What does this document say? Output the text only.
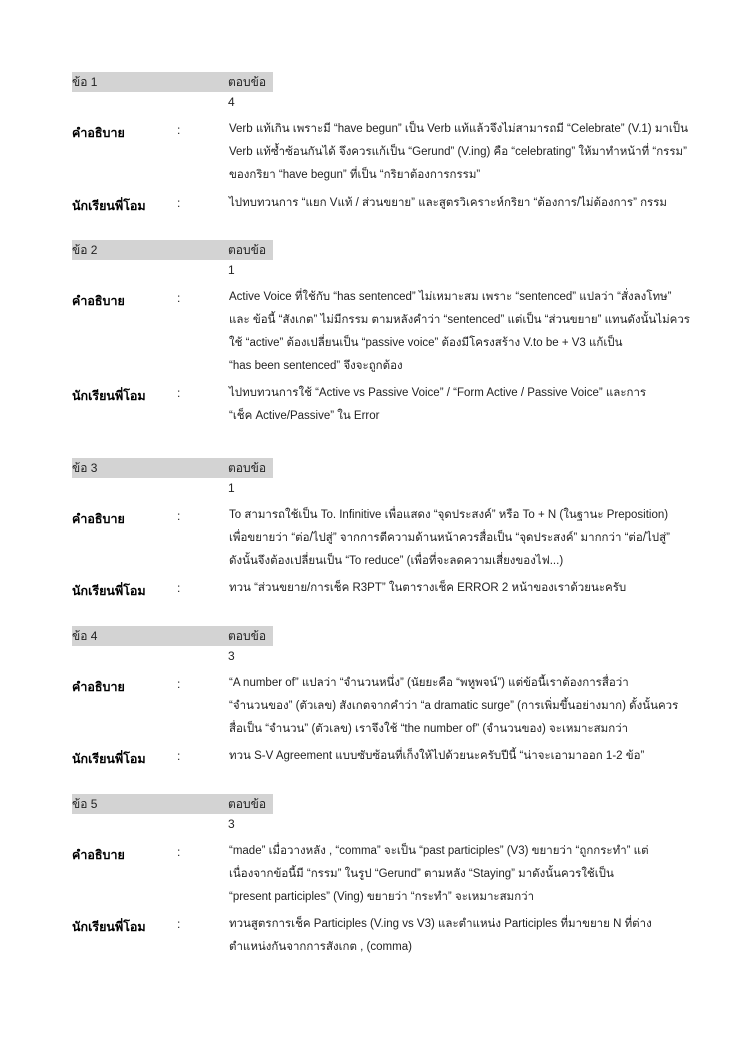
ข้อ 1	ตอบข้อ 4
คำอธิบาย	:	Verb แท้เกิน เพราะมี “have begun” เป็น Verb แท้แล้วจึงไม่สามารถมี “Celebrate” (V.1) มาเป็น
Verb แท้ซ้ำซ้อนกันได้ จึงควรแก้เป็น “Gerund” (V.ing) คือ “celebrating” ให้มาทำหน้าที่ “กรรม”
ของกริยา “have begun” ที่เป็น “กริยาต้องการกรรม”
นักเรียนพี่โอม	:	ไปทบทวนการ “แยก Vแท้ / ส่วนขยาย” และสูตรวิเคราะห์กริยา “ต้องการ/ไม่ต้องการ” กรรม
ข้อ 2	ตอบข้อ 1
คำอธิบาย	:	Active Voice ที่ใช้กับ “has sentenced” ไม่เหมาะสม เพราะ “sentenced” แปลว่า “สั่งลงโทษ”
และ ข้อนี้ “สังเกต” ไม่มีกรรม ตามหลังคำว่า “sentenced” แต่เป็น “ส่วนขยาย” แทนดังนั้นไม่ควร
ใช้ “active” ต้องเปลี่ยนเป็น “passive voice” ต้องมีโครงสร้าง V.to be + V3 แก้เป็น
“has been sentenced” จึงจะถูกต้อง
นักเรียนพี่โอม	:	ไปทบทวนการใช้ “Active vs Passive Voice” / “Form Active / Passive Voice” และการ
“เช็ค Active/Passive” ใน Error
ข้อ 3	ตอบข้อ 1
คำอธิบาย	:	To สามารถใช้เป็น To. Infinitive เพื่อแสดง “จุดประสงค์” หรือ To + N (ในฐานะ Preposition)
เพื่อขยายว่า “ต่อ/ไปสู่” จากการตีความด้านหน้าควรสื่อเป็น “จุดประสงค์” มากกว่า “ต่อ/ไปสู่”
ดังนั้นจึงต้องเปลี่ยนเป็น “To reduce” (เพื่อที่จะลดความเสี่ยงของไฟ...)
นักเรียนพี่โอม	:	ทวน “ส่วนขยาย/การเช็ค R3PT” ในตารางเช็ค ERROR 2 หน้าของเราด้วยนะครับ
ข้อ 4	ตอบข้อ 3
คำอธิบาย	:	“A number of” แปลว่า “จำนวนหนึ่ง” (นัยยะคือ “พหูพจน์”) แต่ข้อนี้เราต้องการสื่อว่า
“จำนวนของ” (ตัวเลข) สังเกตจากคำว่า “a dramatic surge” (การเพิ่มขึ้นอย่างมาก) ดั้งนั้นควร
สื่อเป็น “จำนวน” (ตัวเลข) เราจึงใช้ “the number of” (จำนวนของ) จะเหมาะสมกว่า
นักเรียนพี่โอม	:	ทวน S-V Agreement แบบซับซ้อนที่เก็งให้ไปด้วยนะครับปีนี้ “น่าจะเอามาออก 1-2 ข้อ”
ข้อ 5	ตอบข้อ 3
คำอธิบาย	:	“made” เมื่อวางหลัง , “comma” จะเป็น “past participles” (V3) ขยายว่า “ถูกกระทำ” แต่
เนื่องจากข้อนี้มี “กรรม” ในรูป “Gerund” ตามหลัง “Staying” มาดังนั้นควรใช้เป็น
“present participles” (Ving) ขยายว่า “กระทำ” จะเหมาะสมกว่า
นักเรียนพี่โอม	:	ทวนสูตรการเช็ค Participles (V.ing vs V3) และตำแหน่ง Participles ที่มาขยาย N ที่ต่าง
ตำแหน่งกันจากการสังเกต , (comma)
